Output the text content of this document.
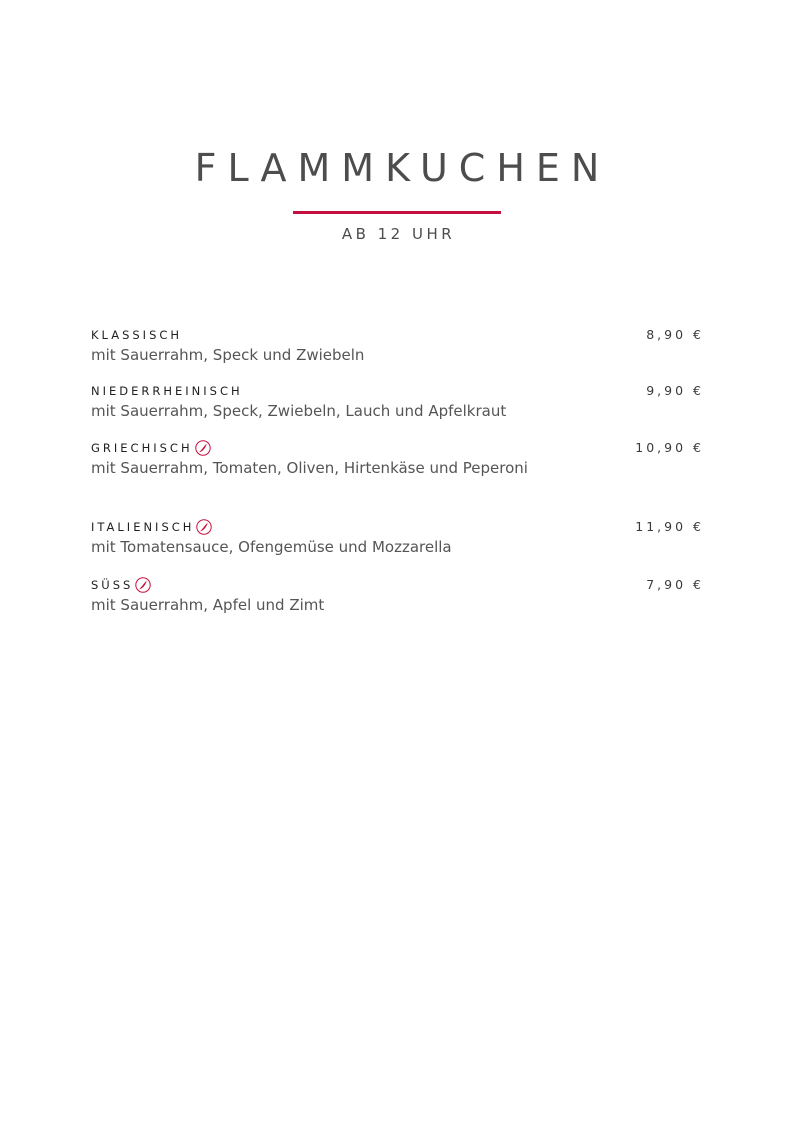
FLAMMKUCHEN
AB 12 UHR
KLASSISCH
mit Sauerrahm, Speck und Zwiebeln
8,90 €
NIEDERRHEINISCH
mit Sauerrahm, Speck, Zwiebeln, Lauch und Apfelkraut
9,90 €
GRIECHISCH
mit Sauerrahm, Tomaten, Oliven, Hirtenkäse und Peperoni
10,90 €
ITALIENISCH
mit Tomatensauce, Ofengemüse und Mozzarella
11,90 €
SÜSS
mit Sauerrahm, Apfel und Zimt
7,90 €
